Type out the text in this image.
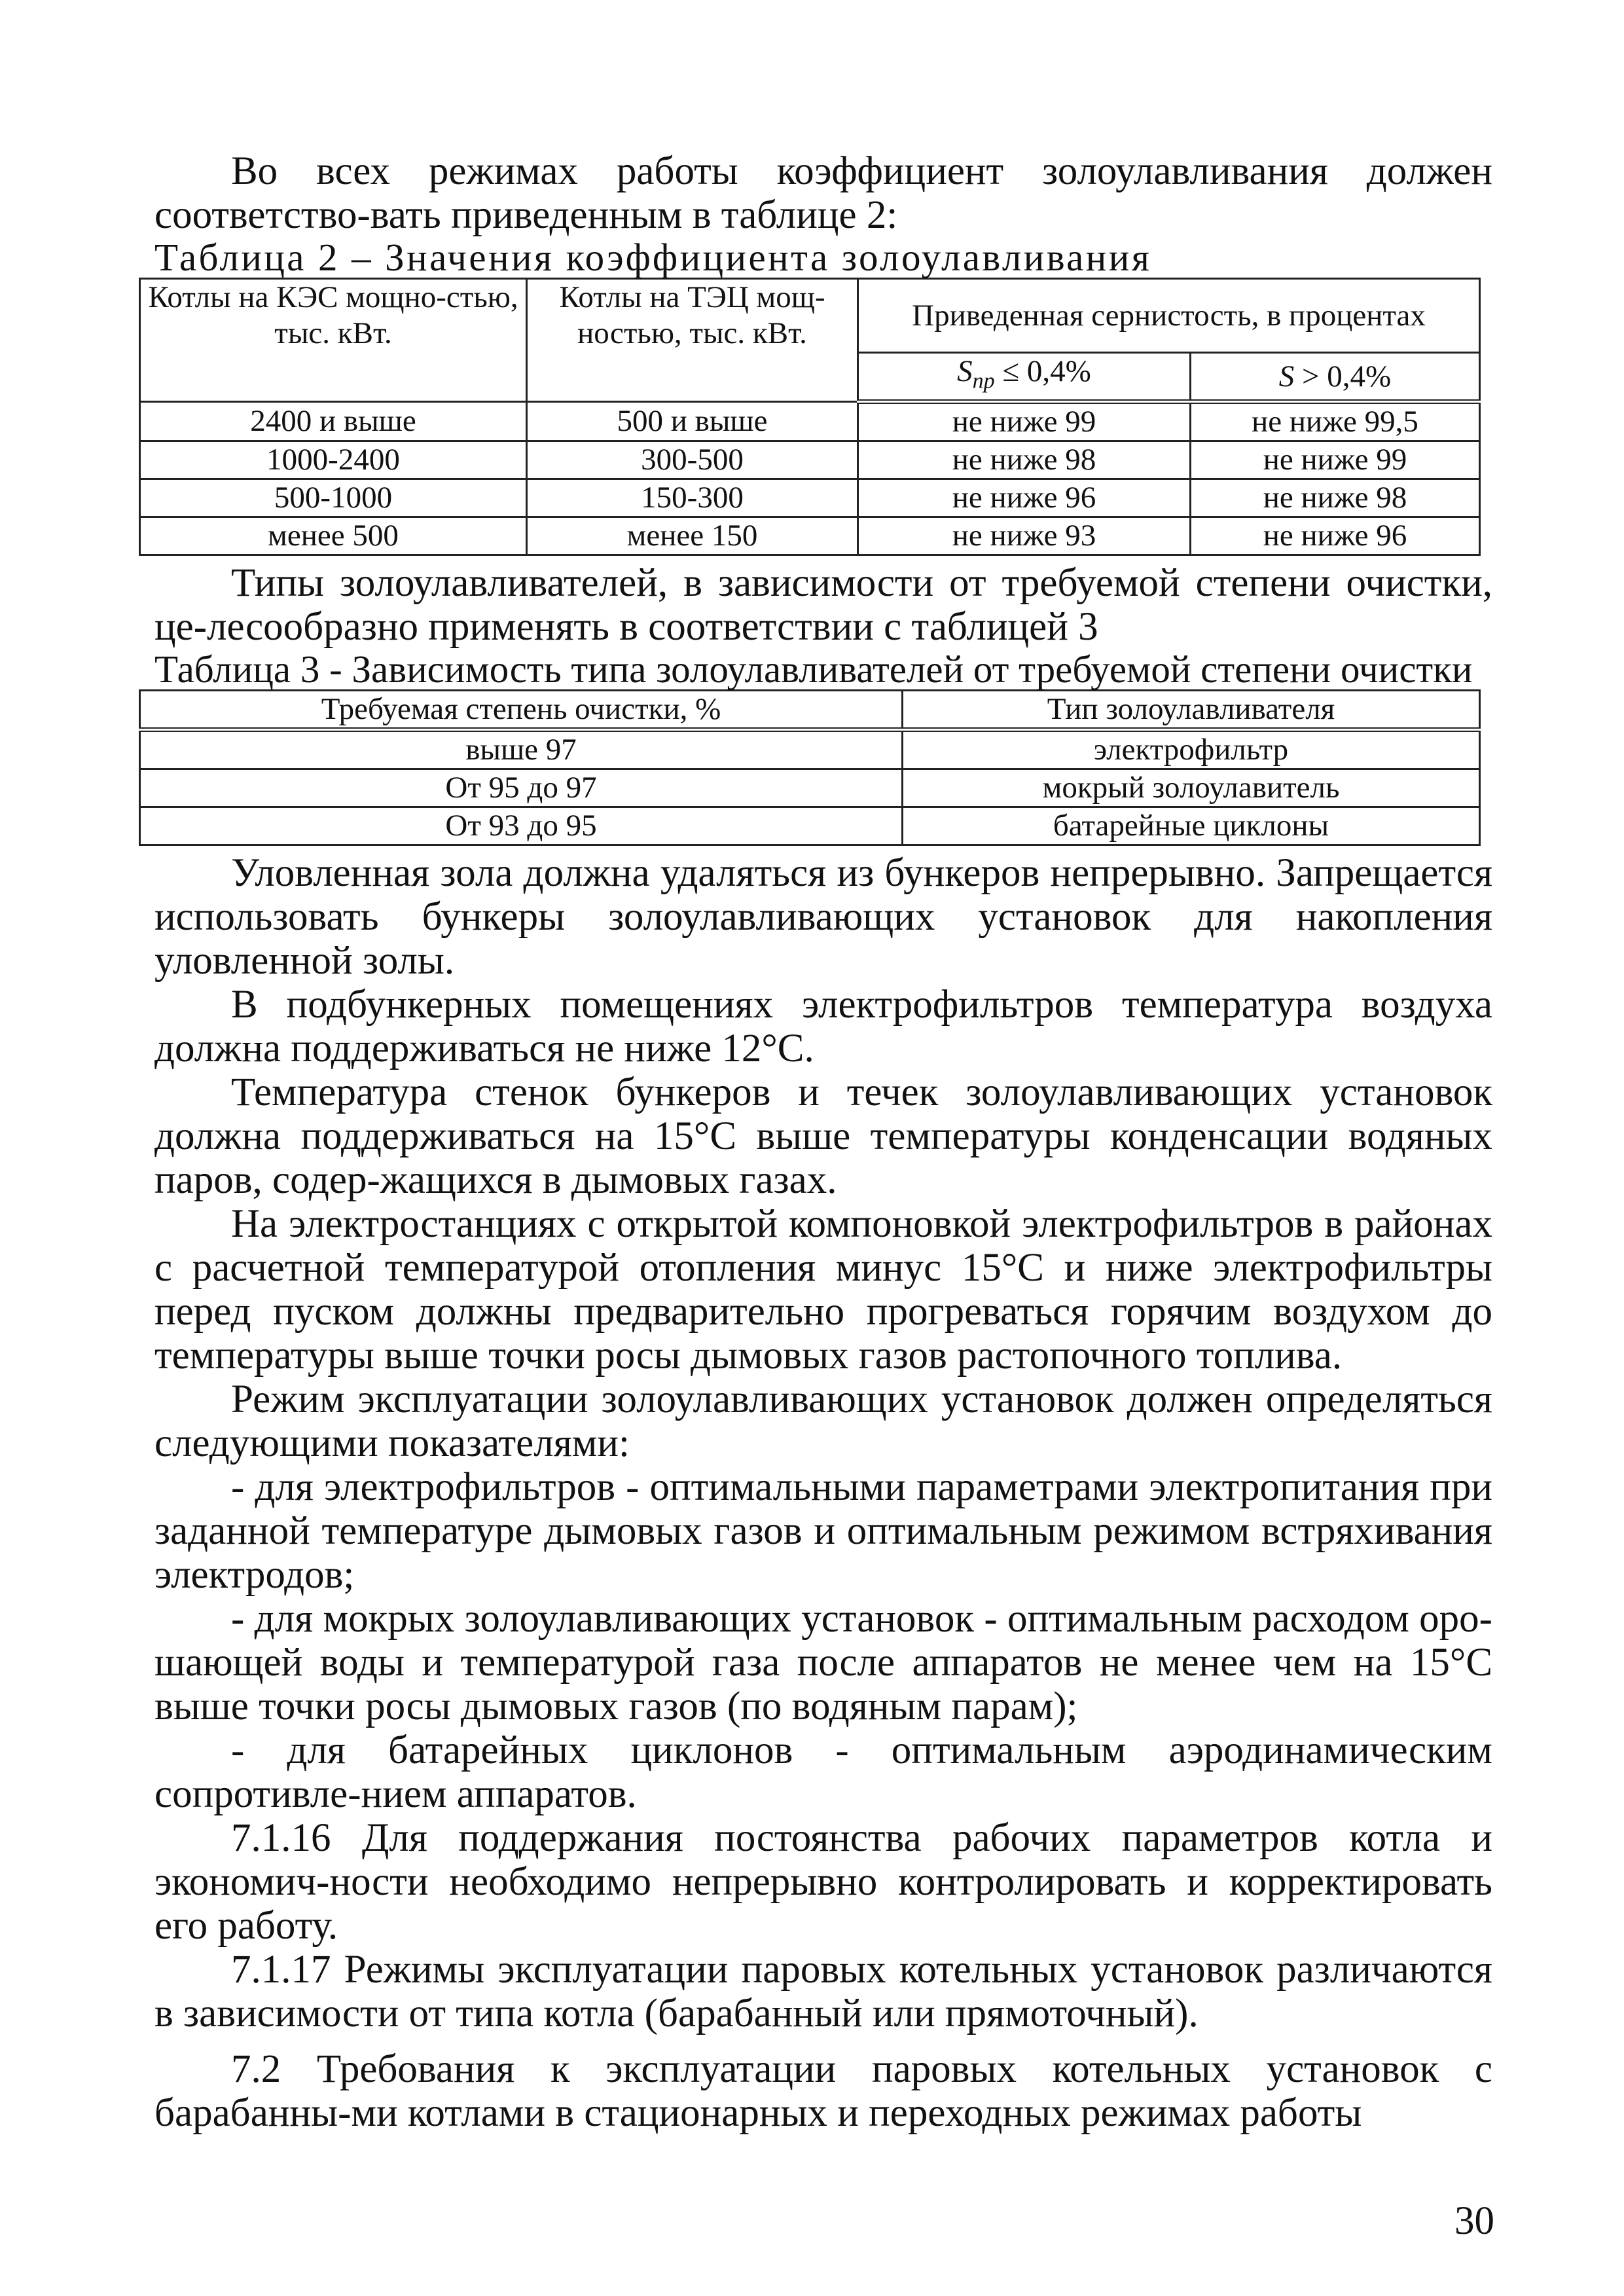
Во всех режимах работы коэффициент золоулавливания должен соответство-вать приведенным в таблице 2:

Таблица 2 – Значения коэффициента золоулавливания

Котлы на КЭС мощно-стью, тыс. кВт.	Котлы на ТЭЦ мощ-ностью, тыс. кВт.	Приведенная сернистость, в процентах	
		$S_{пр} \le 0,4\%$	S > 0,4%
2400 и выше	500 и выше	не ниже 99	не ниже 99,5
1000-2400	300-500	не ниже 98	не ниже 99
500-1000	150-300	не ниже 96	не ниже 98
менее 500	менее 150	не ниже 93	не ниже 96

Типы золоулавливателей, в зависимости от требуемой степени очистки, це-лесообразно применять в соответствии с таблицей 3

Таблица 3 - Зависимость типа золоулавливателей от требуемой степени очистки

Требуемая степень очистки, %	Тип золоулавливателя
выше 97	электрофильтр
От 95 до 97	мокрый золоулавитель
От 93 до 95	батарейные циклоны

Уловленная зола должна удаляться из бункеров непрерывно. Запрещается использовать бункеры золоулавливающих установок для накопления уловленной золы.

В подбункерных помещениях электрофильтров температура воздуха должна поддерживаться не ниже 12°С.

Температура стенок бункеров и течек золоулавливающих установок должна поддерживаться на 15°С выше температуры конденсации водяных паров, содер-жащихся в дымовых газах.

На электростанциях с открытой компоновкой электрофильтров в районах с расчетной температурой отопления минус 15°С и ниже электрофильтры перед пуском должны предварительно прогреваться горячим воздухом до температуры выше точки росы дымовых газов растопочного топлива.

Режим эксплуатации золоулавливающих установок должен определяться следующими показателями:

- для электрофильтров - оптимальными параметрами электропитания при заданной температуре дымовых газов и оптимальным режимом встряхивания электродов;

- для мокрых золоулавливающих установок - оптимальным расходом оро-шающей воды и температурой газа после аппаратов не менее чем на 15°С выше точки росы дымовых газов (по водяным парам);

- для батарейных циклонов - оптимальным аэродинамическим сопротивле-нием аппаратов.

7.1.16 Для поддержания постоянства рабочих параметров котла и экономич-ности необходимо непрерывно контролировать и корректировать его работу.

7.1.17 Режимы эксплуатации паровых котельных установок различаются в зависимости от типа котла (барабанный или прямоточный).

7.2 Требования к эксплуатации паровых котельных установок с барабанны-ми котлами в стационарных и переходных режимах работы

30
